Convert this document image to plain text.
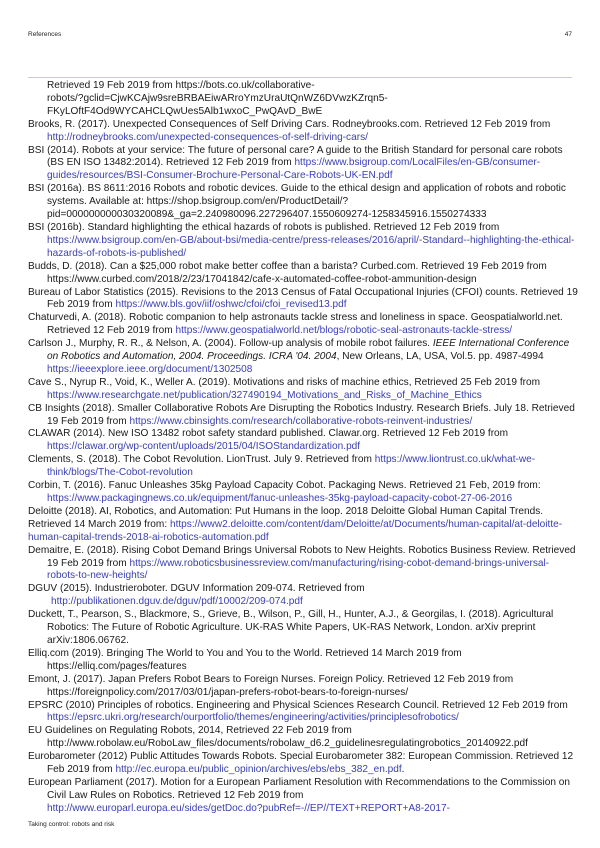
References	47

Retrieved 19 Feb 2019 from https://bots.co.uk/collaborative-
robots/?gclid=CjwKCAjw9sreBRBAEiwARroYmzUraUtQnWZ6DVwzKZrqn5-
FKyLOftF4Od9WYCAHCLQwUes5Alb1wxoC_PwQAvD_BwE

Brooks, R. (2017). Unexpected Consequences of Self Driving Cars. Rodneybrooks.com. Retrieved 12 Feb 2019 from http://rodneybrooks.com/unexpected-consequences-of-self-driving-cars/

BSI (2014). Robots at your service: The future of personal care? A guide to the British Standard for personal care robots (BS EN ISO 13482:2014). Retrieved 12 Feb 2019 from https://www.bsigroup.com/LocalFiles/en-GB/consumer-guides/resources/BSI-Consumer-Brochure-Personal-Care-Robots-UK-EN.pdf

BSI (2016a). BS 8611:2016 Robots and robotic devices. Guide to the ethical design and application of robots and robotic systems. Available at: https://shop.bsigroup.com/en/ProductDetail/?pid=000000000030320089&_ga=2.240980096.227296407.1550609274-1258345916.1550274333

BSI (2016b). Standard highlighting the ethical hazards of robots is published. Retrieved 12 Feb 2019 from https://www.bsigroup.com/en-GB/about-bsi/media-centre/press-releases/2016/april/-Standard--highlighting-the-ethical-hazards-of-robots-is-published/

Budds, D. (2018). Can a $25,000 robot make better coffee than a barista? Curbed.com. Retrieved 19 Feb 2019 from https://www.curbed.com/2018/2/23/17041842/cafe-x-automated-coffee-robot-ammunition-design

Bureau of Labor Statistics (2015). Revisions to the 2013 Census of Fatal Occupational Injuries (CFOI) counts. Retrieved 19 Feb 2019 from https://www.bls.gov/iif/oshwc/cfoi/cfoi_revised13.pdf

Chaturvedi, A. (2018). Robotic companion to help astronauts tackle stress and loneliness in space. Geospatialworld.net. Retrieved 12 Feb 2019 from https://www.geospatialworld.net/blogs/robotic-seal-astronauts-tackle-stress/

Carlson J., Murphy, R. R., & Nelson, A. (2004). Follow-up analysis of mobile robot failures. IEEE International Conference on Robotics and Automation, 2004. Proceedings. ICRA '04. 2004, New Orleans, LA, USA, Vol.5. pp. 4987-4994 https://ieeexplore.ieee.org/document/1302508

Cave S., Nyrup R., Void, K., Weller A. (2019). Motivations and risks of machine ethics, Retrieved 25 Feb 2019 from https://www.researchgate.net/publication/327490194_Motivations_and_Risks_of_Machine_Ethics

CB Insights (2018). Smaller Collaborative Robots Are Disrupting the Robotics Industry. Research Briefs. July 18. Retrieved 19 Feb 2019 from https://www.cbinsights.com/research/collaborative-robots-reinvent-industries/

CLAWAR (2014). New ISO 13482 robot safety standard published. Clawar.org. Retrieved 12 Feb 2019 from https://clawar.org/wp-content/uploads/2015/04/ISOStandardization.pdf

Clements, S. (2018). The Cobot Revolution. LionTrust. July 9. Retrieved from https://www.liontrust.co.uk/what-we-think/blogs/The-Cobot-revolution

Corbin, T. (2016). Fanuc Unleashes 35kg Payload Capacity Cobot. Packaging News. Retrieved 21 Feb, 2019 from: https://www.packagingnews.co.uk/equipment/fanuc-unleashes-35kg-payload-capacity-cobot-27-06-2016

Deloitte (2018). AI, Robotics, and Automation: Put Humans in the loop. 2018 Deloitte Global Human Capital Trends. Retrieved 14 March 2019 from: https://www2.deloitte.com/content/dam/Deloitte/at/Documents/human-capital/at-deloitte-human-capital-trends-2018-ai-robotics-automation.pdf

Demaitre, E. (2018). Rising Cobot Demand Brings Universal Robots to New Heights. Robotics Business Review. Retrieved 19 Feb 2019 from https://www.roboticsbusinessreview.com/manufacturing/rising-cobot-demand-brings-universal-robots-to-new-heights/

DGUV (2015). Industrieroboter. DGUV Information 209-074. Retrieved from
http://publikationen.dguv.de/dguv/pdf/10002/209-074.pdf

Duckett, T., Pearson, S., Blackmore, S., Grieve, B., Wilson, P., Gill, H., Hunter, A.J., & Georgilas, I. (2018). Agricultural Robotics: The Future of Robotic Agriculture. UK-RAS White Papers, UK-RAS Network, London. arXiv preprint arXiv:1806.06762.

Elliq.com (2019). Bringing The World to You and You to the World. Retrieved 14 March 2019 from https://elliq.com/pages/features

Emont, J. (2017). Japan Prefers Robot Bears to Foreign Nurses. Foreign Policy. Retrieved 12 Feb 2019 from https://foreignpolicy.com/2017/03/01/japan-prefers-robot-bears-to-foreign-nurses/

EPSRC (2010) Principles of robotics. Engineering and Physical Sciences Research Council. Retrieved 12 Feb 2019 from https://epsrc.ukri.org/research/ourportfolio/themes/engineering/activities/principlesofrobotics/

EU Guidelines on Regulating Robots, 2014, Retrieved 22 Feb 2019 from http://www.robolaw.eu/RoboLaw_files/documents/robolaw_d6.2_guidelinesregulatingrobotics_20140922.pdf

Eurobarometer (2012) Public Attitudes Towards Robots. Special Eurobarometer 382: European Commission. Retrieved 12 Feb 2019 from http://ec.europa.eu/public_opinion/archives/ebs/ebs_382_en.pdf.

European Parliament (2017). Motion for a European Parliament Resolution with Recommendations to the Commission on Civil Law Rules on Robotics. Retrieved 12 Feb 2019 from
http://www.europarl.europa.eu/sides/getDoc.do?pubRef=-//EP//TEXT+REPORT+A8-2017-

Taking control: robots and risk
